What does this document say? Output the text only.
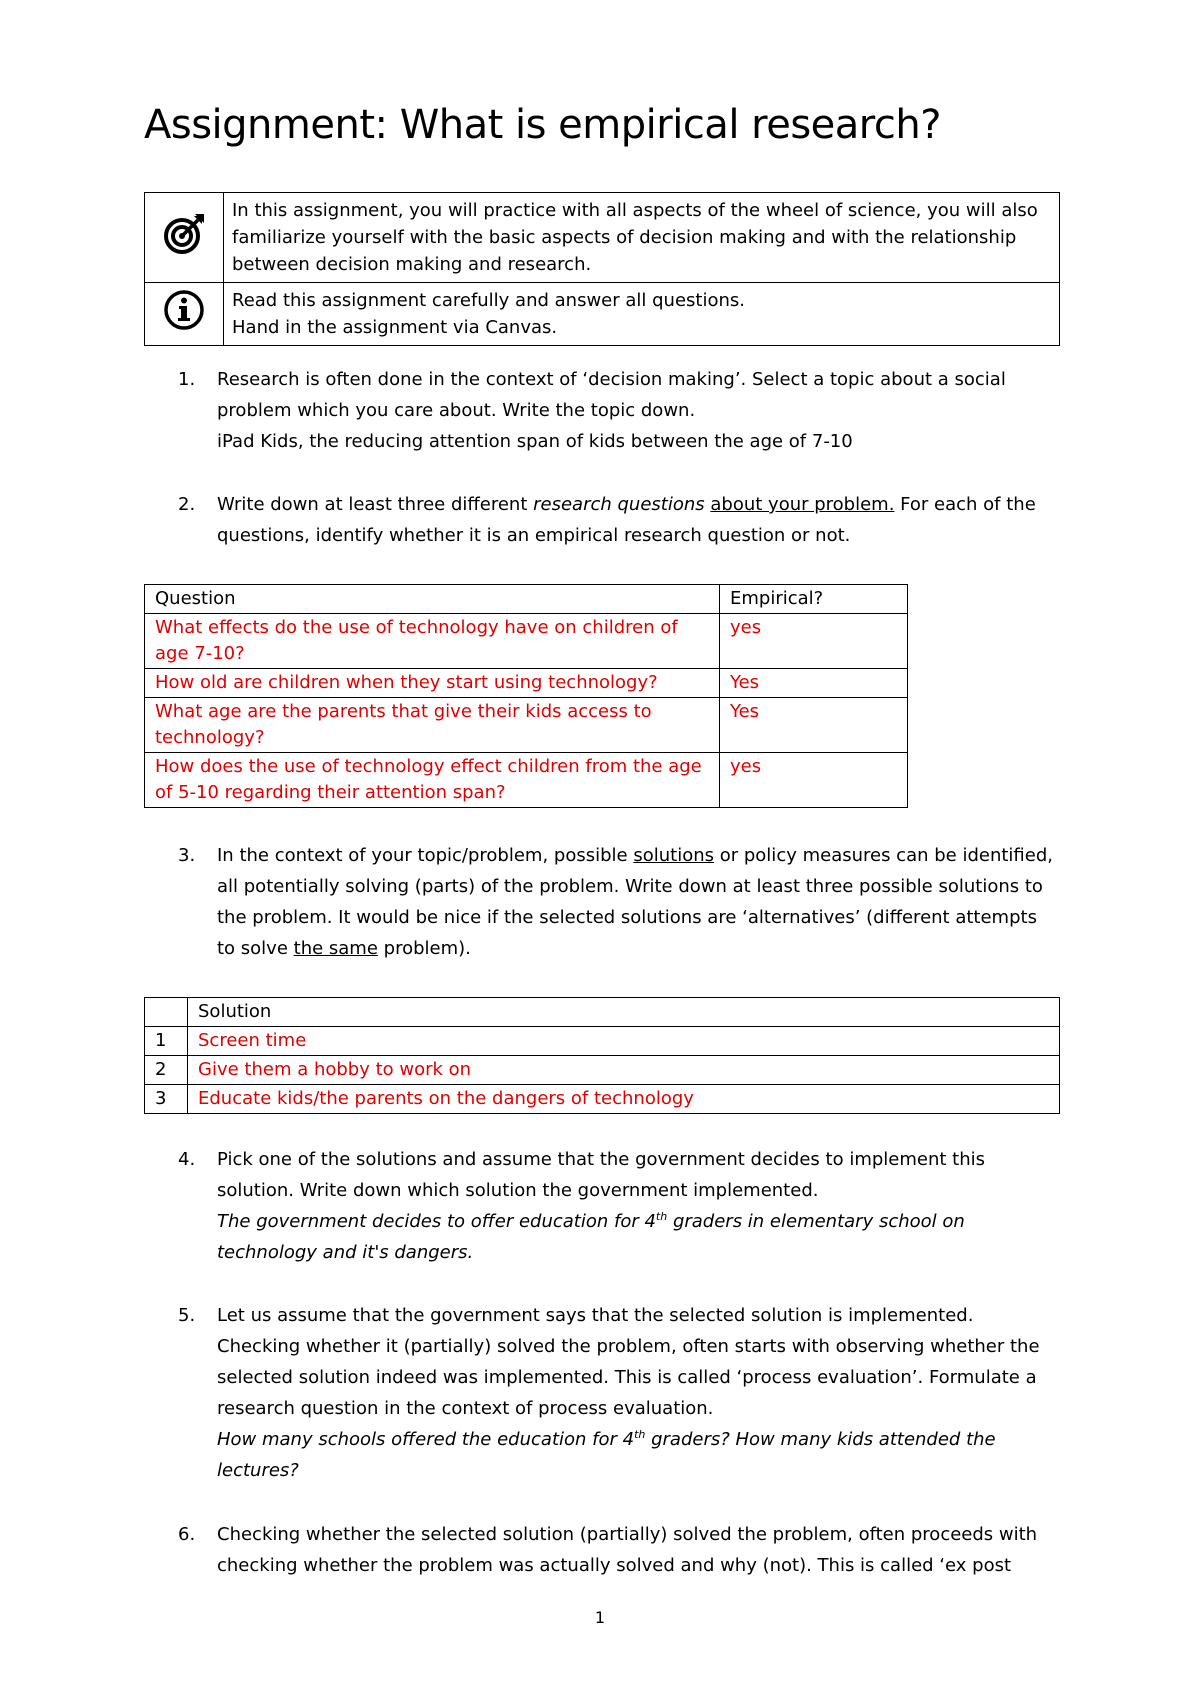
Assignment: What is empirical research?
	In this assignment, you will practice with all aspects of the wheel of science, you will also familiarize yourself with the basic aspects of decision making and with the relationship between decision making and research.

Read this assignment carefully and answer all questions.
Hand in the assignment via Canvas.
1. Research is often done in the context of ‘decision making’. Select a topic about a social problem which you care about. Write the topic down.
iPad Kids, the reducing attention span of kids between the age of 7-10
2. Write down at least three different research questions about your problem. For each of the questions, identify whether it is an empirical research question or not.
Question	Empirical?
What effects do the use of technology have on children of age 7-10?	yes
How old are children when they start using technology?	Yes
What age are the parents that give their kids access to technology?	Yes
How does the use of technology effect children from the age of 5-10 regarding their attention span?	yes
3. In the context of your topic/problem, possible solutions or policy measures can be identified, all potentially solving (parts) of the problem. Write down at least three possible solutions to the problem. It would be nice if the selected solutions are ‘alternatives’ (different attempts to solve the same problem).
	Solution
1	Screen time
2	Give them a hobby to work on
3	Educate kids/the parents on the dangers of technology
4. Pick one of the solutions and assume that the government decides to implement this solution. Write down which solution the government implemented.
The government decides to offer education for 4th graders in elementary school on technology and it's dangers.
5. Let us assume that the government says that the selected solution is implemented. Checking whether it (partially) solved the problem, often starts with observing whether the selected solution indeed was implemented. This is called ‘process evaluation’. Formulate a research question in the context of process evaluation.
How many schools offered the education for 4th graders? How many kids attended the lectures?
6. Checking whether the selected solution (partially) solved the problem, often proceeds with checking whether the problem was actually solved and why (not). This is called ‘ex post
1
